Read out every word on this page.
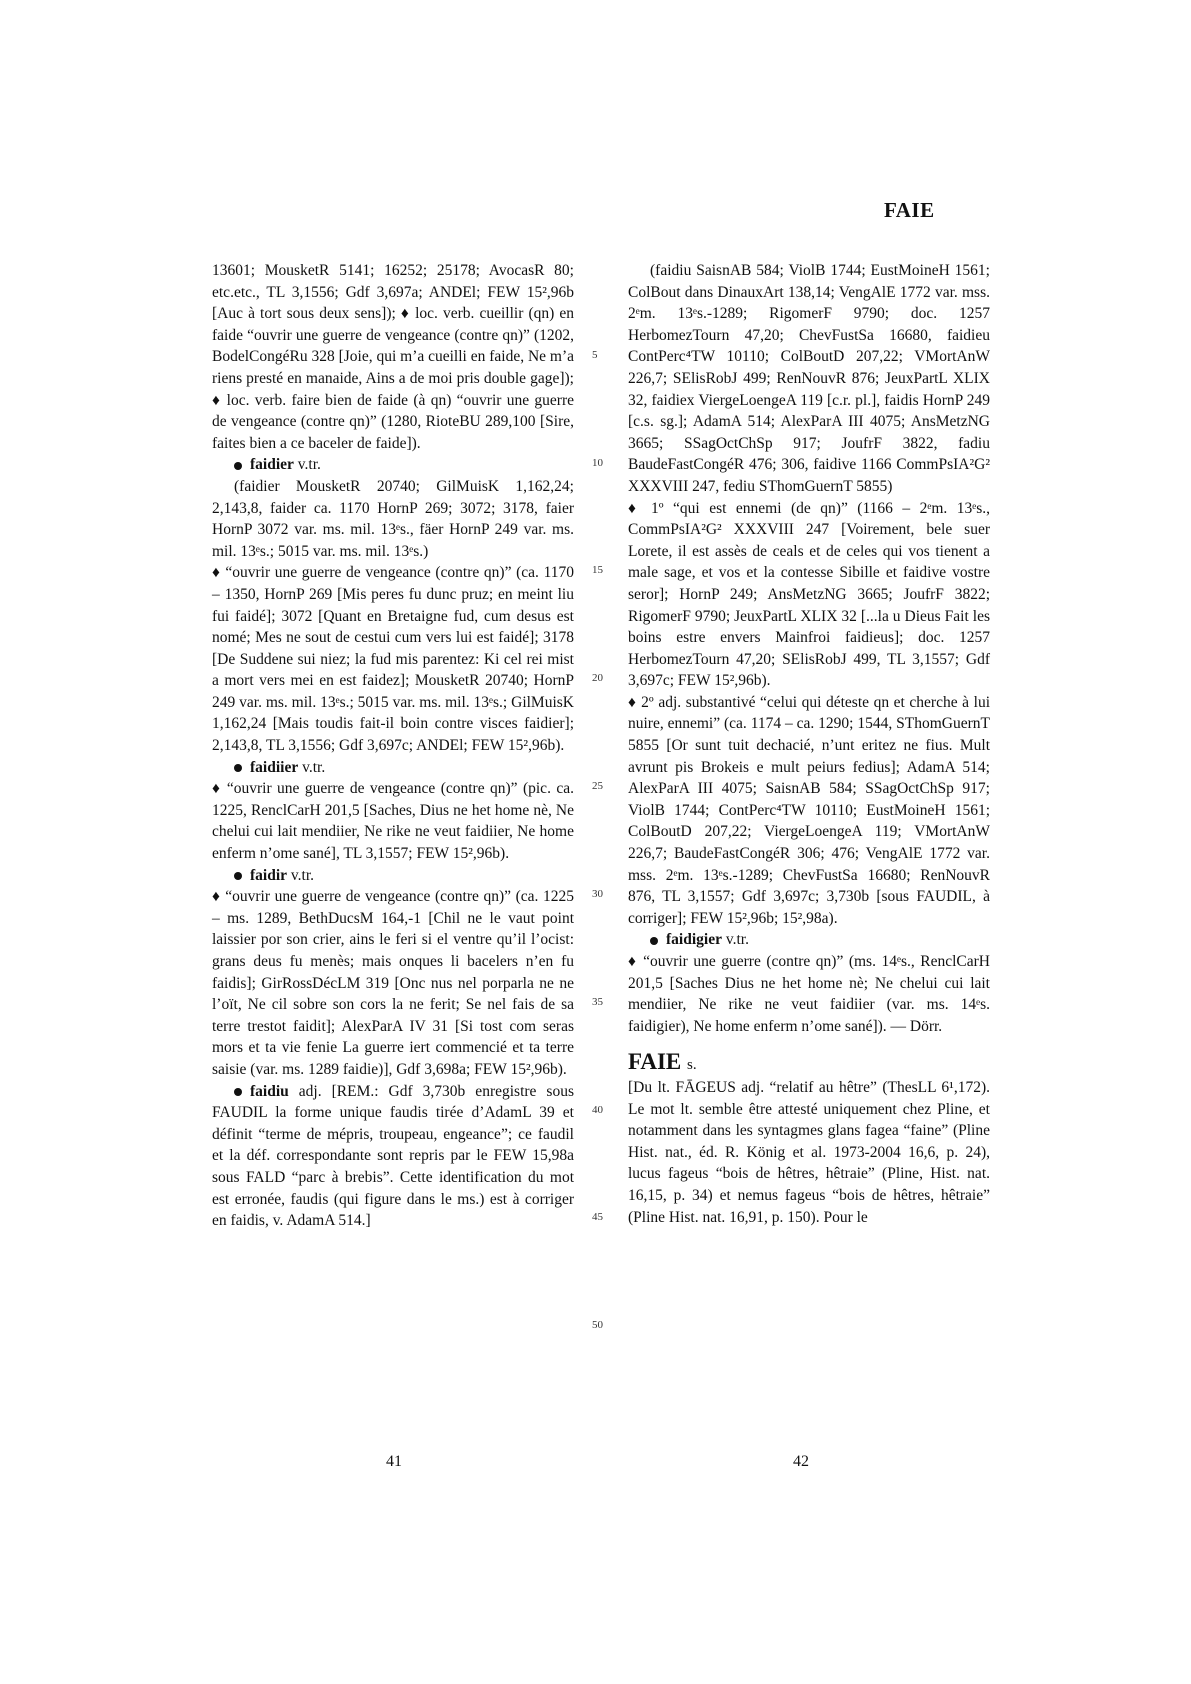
FAIE
5
10
15
20
25
30
35
40
45
50

13601; MousketR 5141; 16252; 25178; AvocasR 80; etc.etc., TL 3,1556; Gdf 3,697a; ANDEl; FEW 15²,96b [Auc à tort sous deux sens]); ♦ loc. verb. cueillir (qn) en faide “ouvrir une guerre de vengeance (contre qn)” (1202, BodelCongéRu 328 [Joie, qui m’a cueilli en faide, Ne m’a riens presté en manaide, Ains a de moi pris double gage]); ♦ loc. verb. faire bien de faide (à qn) “ouvrir une guerre de vengeance (contre qn)” (1280, RioteBU 289,100 [Sire, faites bien a ce baceler de faide]).

faidier v.tr.

(faidier MousketR 20740; GilMuisK 1,162,24; 2,143,8, faider ca. 1170 HornP 269; 3072; 3178, faier HornP 3072 var. ms. mil. 13ᵉs., fäer HornP 249 var. ms. mil. 13ᵉs.; 5015 var. ms. mil. 13ᵉs.)

♦ “ouvrir une guerre de vengeance (contre qn)” (ca. 1170 – 1350, HornP 269 [Mis peres fu dunc pruz; en meint liu fui faidé]; 3072 [Quant en Bretaigne fud, cum desus est nomé; Mes ne sout de cestui cum vers lui est faidé]; 3178 [De Suddene sui niez; la fud mis parentez: Ki cel rei mist a mort vers mei en est faidez]; MousketR 20740; HornP 249 var. ms. mil. 13ᵉs.; 5015 var. ms. mil. 13ᵉs.; GilMuisK 1,162,24 [Mais toudis fait-il boin contre visces faidier]; 2,143,8, TL 3,1556; Gdf 3,697c; ANDEl; FEW 15²,96b).

faidiier v.tr.

♦ “ouvrir une guerre de vengeance (contre qn)” (pic. ca. 1225, RenclCarH 201,5 [Saches, Dius ne het home nè, Ne chelui cui lait mendiier, Ne rike ne veut faidiier, Ne home enferm n’ome sané], TL 3,1557; FEW 15²,96b).

faidir v.tr.

♦ “ouvrir une guerre de vengeance (contre qn)” (ca. 1225 – ms. 1289, BethDucsM 164,-1 [Chil ne le vaut point laissier por son crier, ains le feri si el ventre qu’il l’ocist: grans deus fu menès; mais onques li bacelers n’en fu faidis]; GirRossDécLM 319 [Onc nus nel porparla ne ne l’oït, Ne cil sobre son cors la ne ferit; Se nel fais de sa terre trestot faidit]; AlexParA IV 31 [Si tost com seras mors et ta vie fenie La guerre iert commencié et ta terre saisie (var. ms. 1289 faidie)], Gdf 3,698a; FEW 15²,96b).

faidiu adj. [REM.: Gdf 3,730b enregistre sous FAUDIL la forme unique faudis tirée d’AdamL 39 et définit “terme de mépris, troupeau, engeance”; ce faudil et la déf. correspondante sont repris par le FEW 15,98a sous FALD “parc à brebis”. Cette identification du mot est erronée, faudis (qui figure dans le ms.) est à corriger en faidis, v. AdamA 514.]

(faidiu SaisnAB 584; ViolB 1744; EustMoineH 1561; ColBout dans DinauxArt 138,14; VengAlE 1772 var. mss. 2ᵉm. 13ᵉs.-1289; RigomerF 9790; doc. 1257 HerbomezTourn 47,20; ChevFustSa 16680, faidieu ContPerc⁴TW 10110; ColBoutD 207,22; VMortAnW 226,7; SElisRobJ 499; RenNouvR 876; JeuxPartL XLIX 32, faidiex ViergeLoengeA 119 [c.r. pl.], faidis HornP 249 [c.s. sg.]; AdamA 514; AlexParA III 4075; AnsMetzNG 3665; SSagOctChSp 917; JoufrF 3822, fadiu BaudeFastCongéR 476; 306, faidive 1166 CommPsIA²G² XXXVIII 247, fediu SThomGuernT 5855)

♦ 1º “qui est ennemi (de qn)” (1166 – 2ᵉm. 13ᵉs., CommPsIA²G² XXXVIII 247 [Voirement, bele suer Lorete, il est assès de ceals et de celes qui vos tienent a male sage, et vos et la contesse Sibille et faidive vostre seror]; HornP 249; AnsMetzNG 3665; JoufrF 3822; RigomerF 9790; JeuxPartL XLIX 32 [...la u Dieus Fait les boins estre envers Mainfroi faidieus]; doc. 1257 HerbomezTourn 47,20; SElisRobJ 499, TL 3,1557; Gdf 3,697c; FEW 15²,96b).

♦ 2º adj. substantivé “celui qui déteste qn et cherche à lui nuire, ennemi” (ca. 1174 – ca. 1290; 1544, SThomGuernT 5855 [Or sunt tuit dechacié, n’unt eritez ne fius. Mult avrunt pis Brokeis e mult peiurs fedius]; AdamA 514; AlexParA III 4075; SaisnAB 584; SSagOctChSp 917; ViolB 1744; ContPerc⁴TW 10110; EustMoineH 1561; ColBoutD 207,22; ViergeLoengeA 119; VMortAnW 226,7; BaudeFastCongéR 306; 476; VengAlE 1772 var. mss. 2ᵉm. 13ᵉs.-1289; ChevFustSa 16680; RenNouvR 876, TL 3,1557; Gdf 3,697c; 3,730b [sous FAUDIL, à corriger]; FEW 15²,96b; 15²,98a).

faidigier v.tr.

♦ “ouvrir une guerre (contre qn)” (ms. 14ᵉs., RenclCarH 201,5 [Saches Dius ne het home nè; Ne chelui cui lait mendiier, Ne rike ne veut faidiier (var. ms. 14ᵉs. faidigier), Ne home enferm n’ome sané]). — Dörr.

FAIE s.

[Du lt. FĀGEUS adj. “relatif au hêtre” (ThesLL 6¹,172). Le mot lt. semble être attesté uniquement chez Pline, et notamment dans les syntagmes glans fagea “faine” (Pline Hist. nat., éd. R. König et al. 1973-2004 16,6, p. 24), lucus fageus “bois de hêtres, hêtraie” (Pline, Hist. nat. 16,15, p. 34) et nemus fageus “bois de hêtres, hêtraie” (Pline Hist. nat. 16,91, p. 150). Pour le

41	42
